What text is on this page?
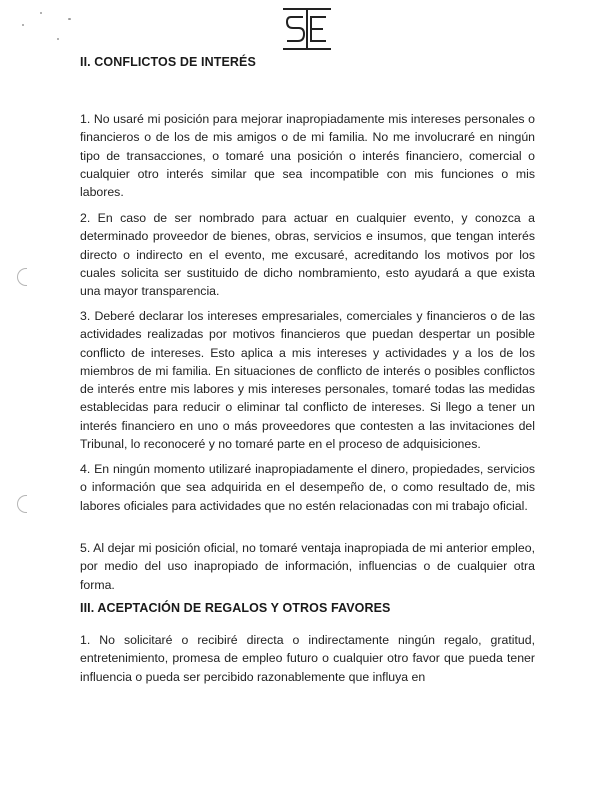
II. CONFLICTOS DE INTERÉS

1. No usaré mi posición para mejorar inapropiadamente mis intereses personales o financieros o de los de mis amigos o de mi familia. No me involucraré en ningún tipo de transacciones, o tomaré una posición o interés financiero, comercial o cualquier otro interés similar que sea incompatible con mis funciones o mis labores.

2. En caso de ser nombrado para actuar en cualquier evento, y conozca a determinado proveedor de bienes, obras, servicios e insumos, que tengan interés directo o indirecto en el evento, me excusaré, acreditando los motivos por los cuales solicita ser sustituido de dicho nombramiento, esto ayudará a que exista una mayor transparencia.

3. Deberé declarar los intereses empresariales, comerciales y financieros o de las actividades realizadas por motivos financieros que puedan despertar un posible conflicto de intereses. Esto aplica a mis intereses y actividades y a los de los miembros de mi familia. En situaciones de conflicto de interés o posibles conflictos de interés entre mis labores y mis intereses personales, tomaré todas las medidas establecidas para reducir o eliminar tal conflicto de intereses. Si llego a tener un interés financiero en uno o más proveedores que contesten a las invitaciones del Tribunal, lo reconoceré y no tomaré parte en el proceso de adquisiciones.

4. En ningún momento utilizaré inapropiadamente el dinero, propiedades, servicios o información que sea adquirida en el desempeño de, o como resultado de, mis labores oficiales para actividades que no estén relacionadas con mi trabajo oficial.

5. Al dejar mi posición oficial, no tomaré ventaja inapropiada de mi anterior empleo, por medio del uso inapropiado de información, influencias o de cualquier otra forma.

III. ACEPTACIÓN DE REGALOS Y OTROS FAVORES

1. No solicitaré o recibiré directa o indirectamente ningún regalo, gratitud, entretenimiento, promesa de empleo futuro o cualquier otro favor que pueda tener influencia o pueda ser percibido razonablemente que influya en
